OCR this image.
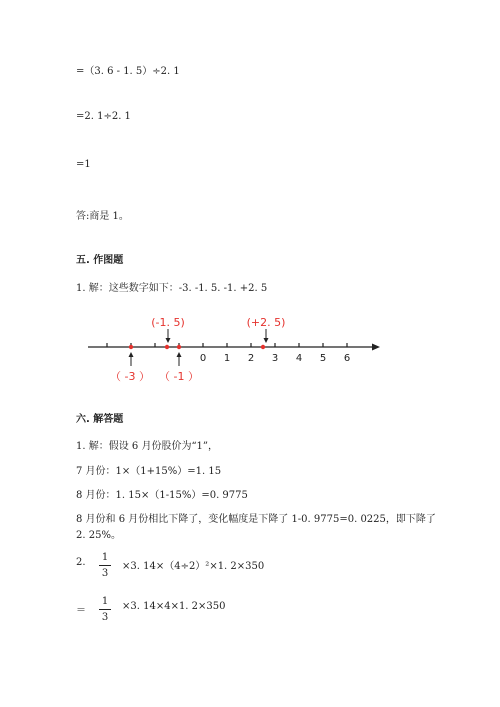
=（3. 6 - 1. 5）÷2. 1
=2. 1÷2. 1
=1
答:商是 1。
五. 作图题
1. 解：这些数字如下：-3. -1. 5. -1. +2. 5
0 1 2 3 4 5 6
(-1. 5)	(+2. 5)
（ -3 ） （ -1 ）
六. 解答题
1. 解：假设 6 月份股价为“1”，
7 月份：1×（1+15%）=1. 15
8 月份：1. 15×（1-15%）=0. 9775
8 月份和 6 月份相比下降了，变化幅度是下降了 1-0. 9775=0. 0225，即下降了
2. 25%。
2. 1
3
×3. 14×（4÷2）²×1. 2×350
＝
1
3
×3. 14×4×1. 2×350
